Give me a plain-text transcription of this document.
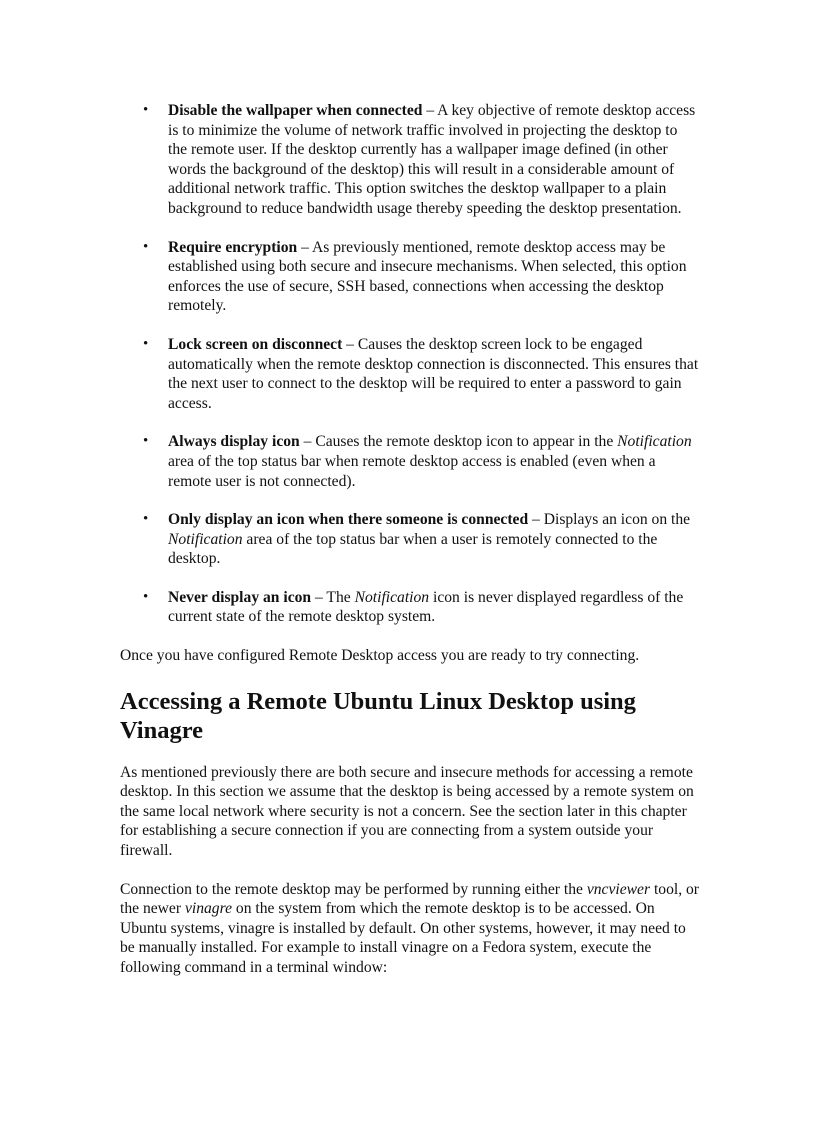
• Disable the wallpaper when connected – A key objective of remote desktop access is to minimize the volume of network traffic involved in projecting the desktop to the remote user. If the desktop currently has a wallpaper image defined (in other words the background of the desktop) this will result in a considerable amount of additional network traffic. This option switches the desktop wallpaper to a plain background to reduce bandwidth usage thereby speeding the desktop presentation.
• Require encryption – As previously mentioned, remote desktop access may be established using both secure and insecure mechanisms. When selected, this option enforces the use of secure, SSH based, connections when accessing the desktop remotely.
• Lock screen on disconnect – Causes the desktop screen lock to be engaged automatically when the remote desktop connection is disconnected. This ensures that the next user to connect to the desktop will be required to enter a password to gain access.
• Always display icon – Causes the remote desktop icon to appear in the Notification area of the top status bar when remote desktop access is enabled (even when a remote user is not connected).
• Only display an icon when there someone is connected – Displays an icon on the Notification area of the top status bar when a user is remotely connected to the desktop.
• Never display an icon – The Notification icon is never displayed regardless of the current state of the remote desktop system.

Once you have configured Remote Desktop access you are ready to try connecting.

Accessing a Remote Ubuntu Linux Desktop using Vinagre

As mentioned previously there are both secure and insecure methods for accessing a remote desktop. In this section we assume that the desktop is being accessed by a remote system on the same local network where security is not a concern. See the section later in this chapter for establishing a secure connection if you are connecting from a system outside your firewall.

Connection to the remote desktop may be performed by running either the vncviewer tool, or the newer vinagre on the system from which the remote desktop is to be accessed. On Ubuntu systems, vinagre is installed by default. On other systems, however, it may need to be manually installed. For example to install vinagre on a Fedora system, execute the following command in a terminal window:
